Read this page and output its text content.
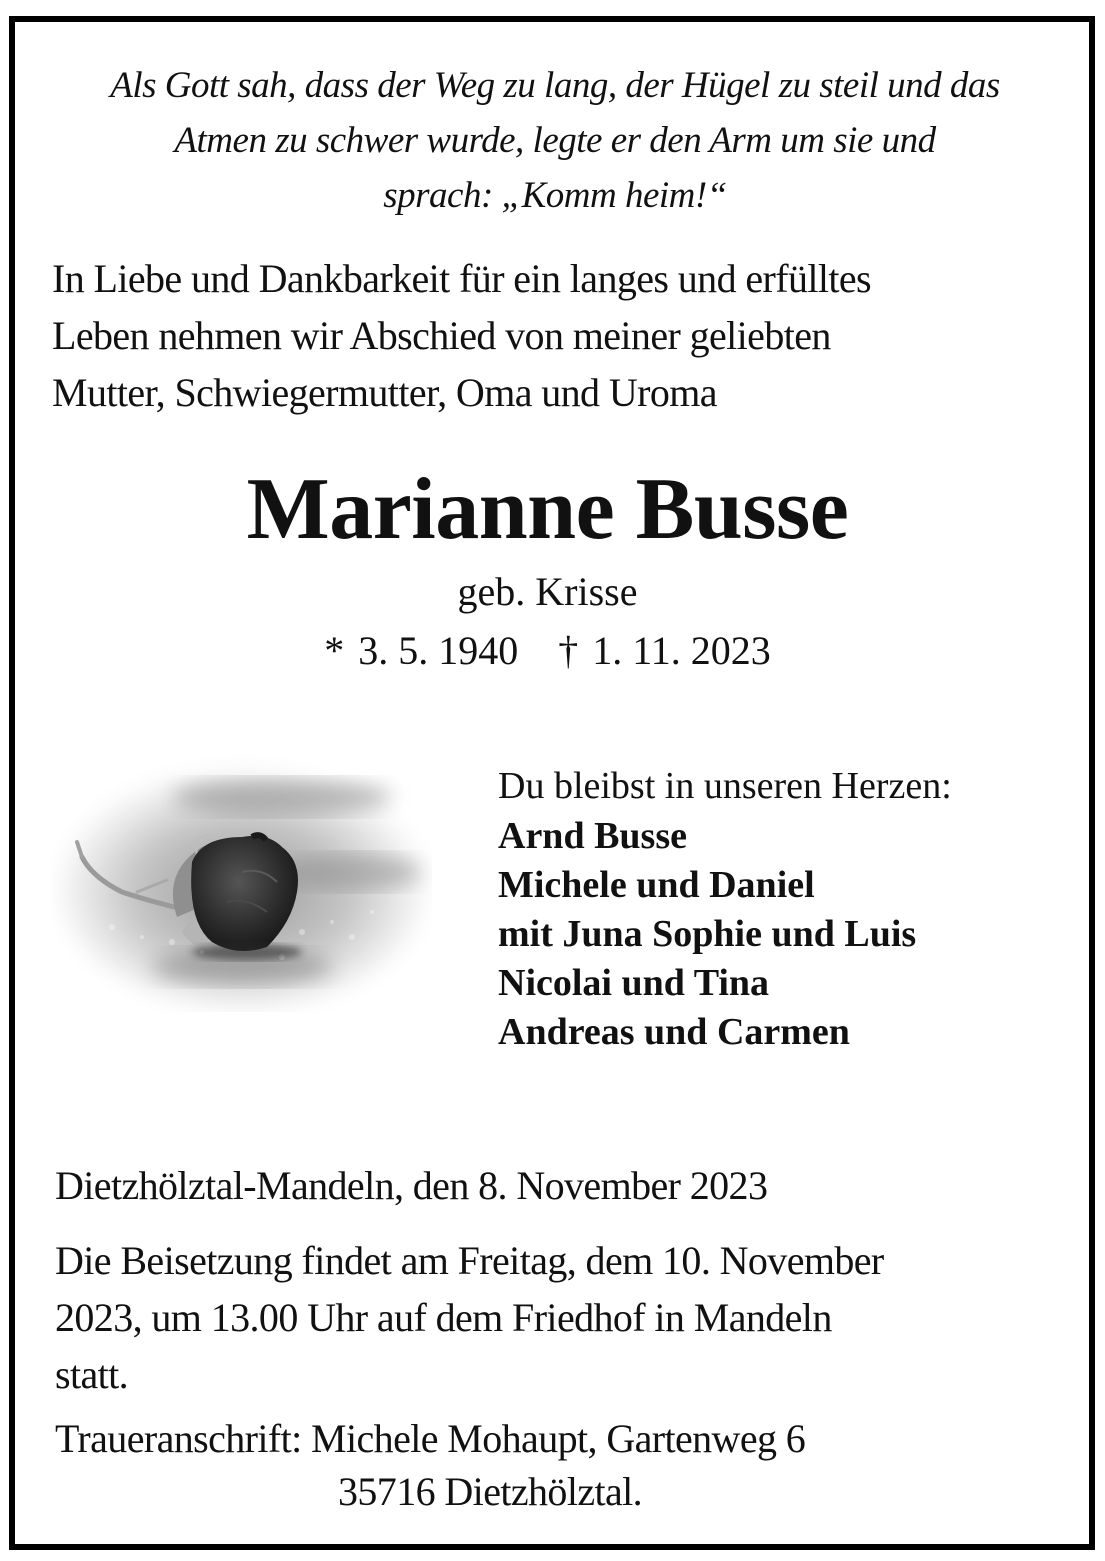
Als Gott sah, dass der Weg zu lang, der Hügel zu steil und das
Atmen zu schwer wurde, legte er den Arm um sie und
sprach: „Komm heim!“
In Liebe und Dankbarkeit für ein langes und erfülltes
Leben nehmen wir Abschied von meiner geliebten
Mutter, Schwiegermutter, Oma und Uroma
Marianne Busse
geb. Krisse
* 3. 5. 1940 † 1. 11. 2023
Du bleibst in unseren Herzen:
Arnd Busse
Michele und Daniel
mit Juna Sophie und Luis
Nicolai und Tina
Andreas und Carmen
Dietzhölztal-Mandeln, den 8. November 2023
Die Beisetzung findet am Freitag, dem 10. November
2023, um 13.00 Uhr auf dem Friedhof in Mandeln
statt.
Traueranschrift: Michele Mohaupt, Gartenweg 6
35716 Dietzhölztal.
